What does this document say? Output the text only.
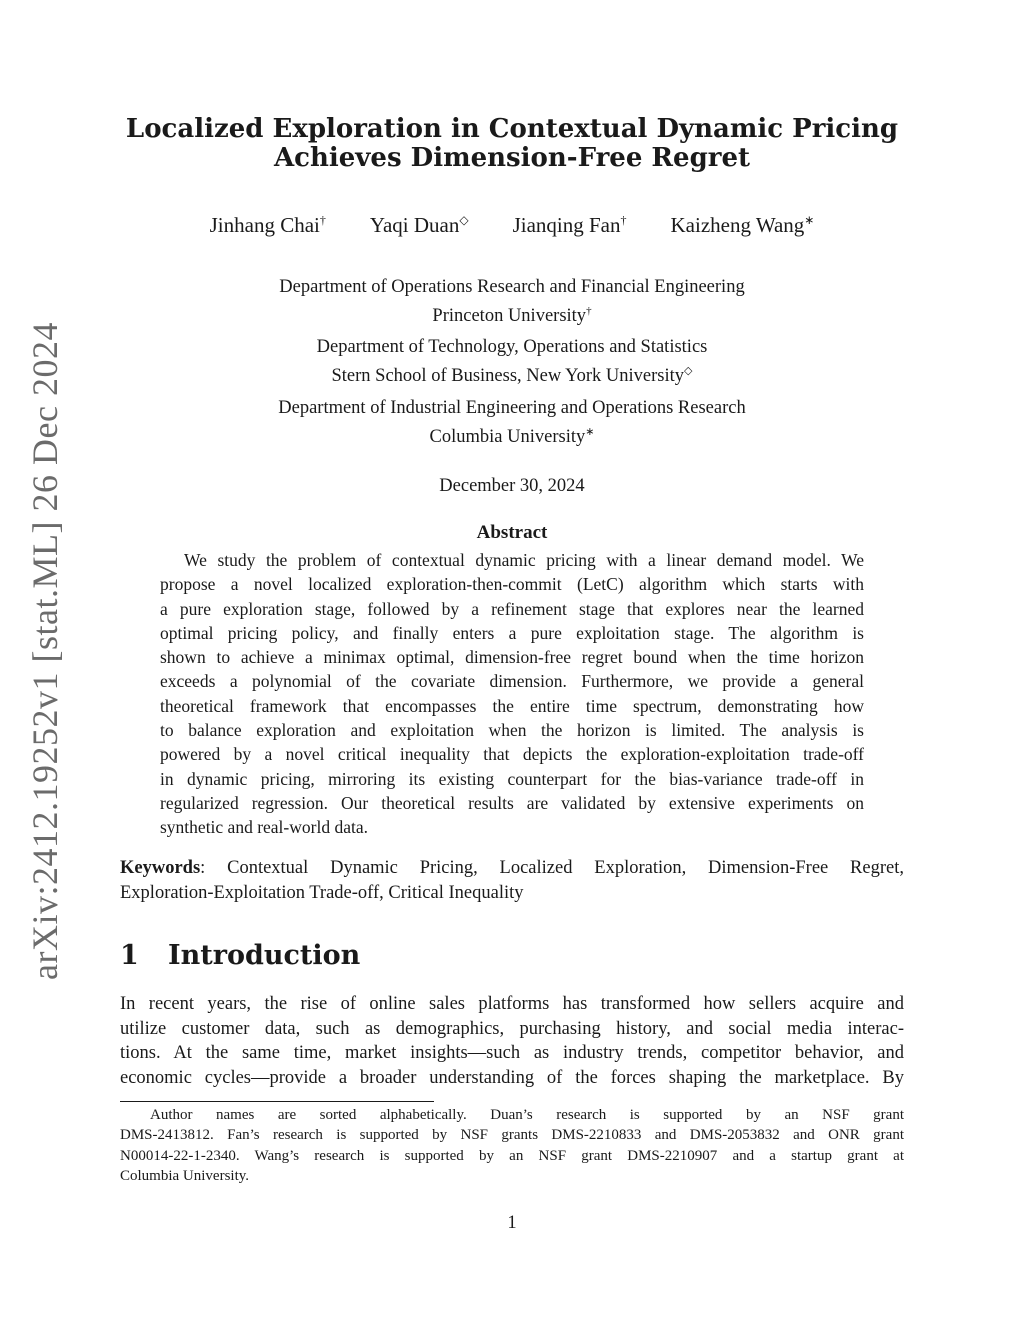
arXiv:2412.19252v1 [stat.ML] 26 Dec 2024
Localized Exploration in Contextual Dynamic Pricing
Achieves Dimension-Free Regret
Jinhang Chai† Yaqi Duan◇ Jianqing Fan† Kaizheng Wang∗
Department of Operations Research and Financial Engineering
Princeton University†
Department of Technology, Operations and Statistics
Stern School of Business, New York University◇
Department of Industrial Engineering and Operations Research
Columbia University∗
December 30, 2024
Abstract
We study the problem of contextual dynamic pricing with a linear demand model. We
propose a novel localized exploration-then-commit (LetC) algorithm which starts with
a pure exploration stage, followed by a refinement stage that explores near the learned
optimal pricing policy, and finally enters a pure exploitation stage. The algorithm is
shown to achieve a minimax optimal, dimension-free regret bound when the time horizon
exceeds a polynomial of the covariate dimension. Furthermore, we provide a general
theoretical framework that encompasses the entire time spectrum, demonstrating how
to balance exploration and exploitation when the horizon is limited. The analysis is
powered by a novel critical inequality that depicts the exploration-exploitation trade-off
in dynamic pricing, mirroring its existing counterpart for the bias-variance trade-off in
regularized regression. Our theoretical results are validated by extensive experiments on
synthetic and real-world data.
Keywords: Contextual Dynamic Pricing, Localized Exploration, Dimension-Free Regret,
Exploration-Exploitation Trade-off, Critical Inequality
1 Introduction
In recent years, the rise of online sales platforms has transformed how sellers acquire and
utilize customer data, such as demographics, purchasing history, and social media interac-
tions. At the same time, market insights—such as industry trends, competitor behavior, and
economic cycles—provide a broader understanding of the forces shaping the marketplace. By
Author names are sorted alphabetically. Duan’s research is supported by an NSF grant
DMS-2413812. Fan’s research is supported by NSF grants DMS-2210833 and DMS-2053832 and ONR grant
N00014-22-1-2340. Wang’s research is supported by an NSF grant DMS-2210907 and a startup grant at
Columbia University.
1
